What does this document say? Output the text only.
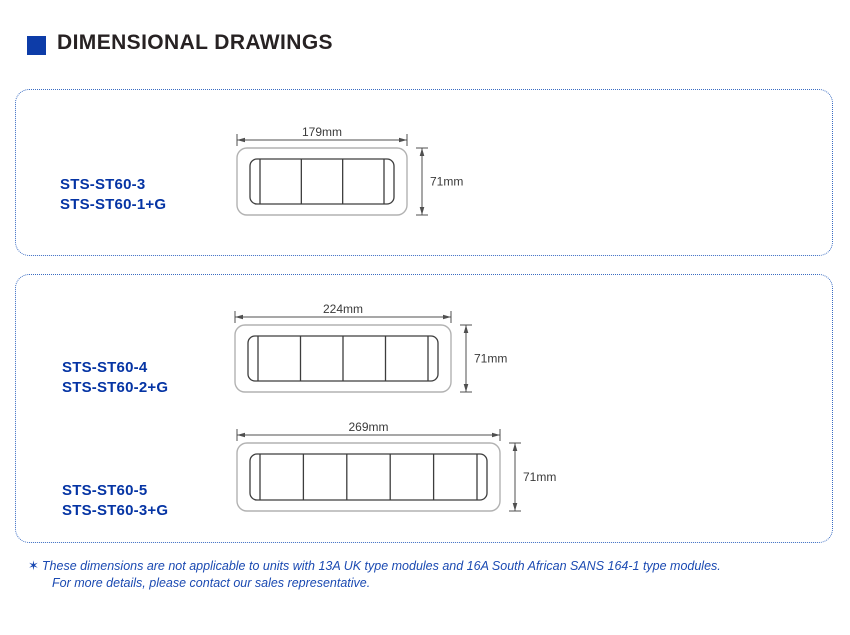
DIMENSIONAL DRAWINGS
STS-ST60-3
STS-ST60-1+G
STS-ST60-4
STS-ST60-2+G
STS-ST60-5
STS-ST60-3+G
179mm
71mm
224mm
71mm
269mm
71mm
✶ These dimensions are not applicable to units with 13A UK type modules and 16A South African SANS 164-1 type modules.
For more details, please contact our sales representative.
